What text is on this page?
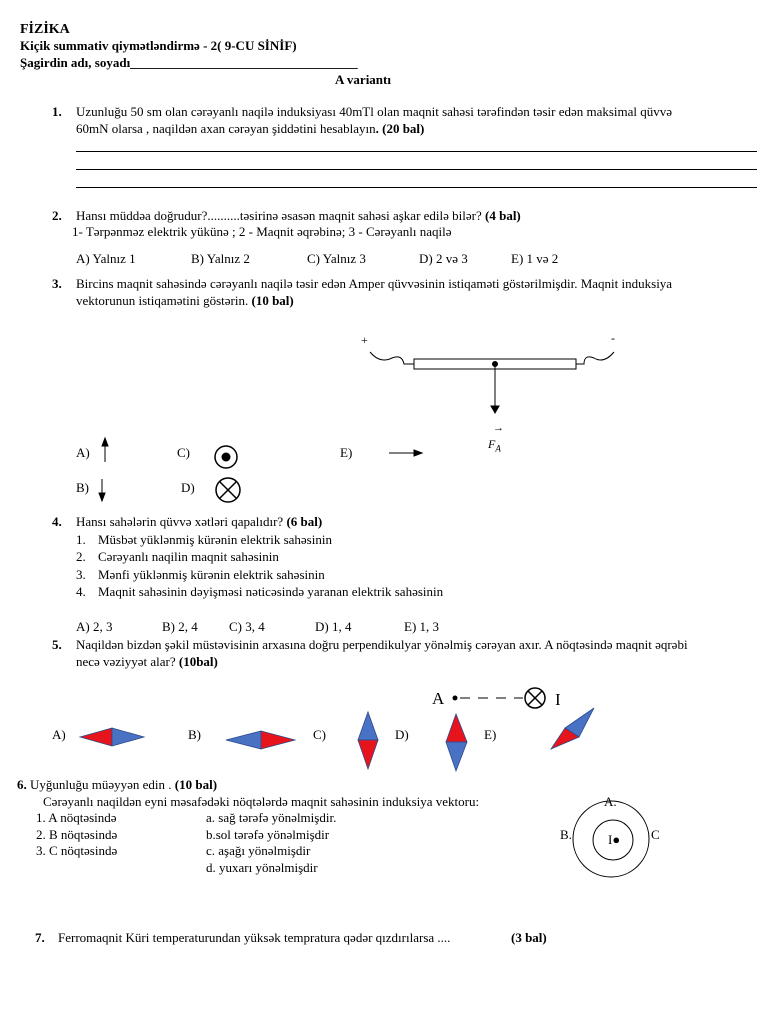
FİZİKA
Kiçik summativ qiymətləndirmə - 2( 9-CU SİNİF)
Şagirdin adı, soyadı___________________________________
A variantı
1. Uzunluğu 50 sm olan cərəyanlı naqilə induksiyası 40mTl olan maqnit sahəsi tərəfindən təsir edən maksimal qüvvə
60mN olarsa , naqildən axan cərəyan şiddətini hesablayın. (20 bal)
2. Hansı müddəa doğrudur?..........təsirinə əsasən maqnit sahəsi aşkar edilə bilər? (4 bal)
1- Tərpənməz elektrik yükünə ; 2 - Maqnit əqrəbinə; 3 - Cərəyanlı naqilə
A) Yalnız 1	B) Yalnız 2	C) Yalnız 3	D) 2 və 3	E) 1 və 2
3. Bircins maqnit sahəsində cərəyanlı naqilə təsir edən Amper qüvvəsinin istiqaməti göstərilmişdir. Maqnit induksiya
vektorunun istiqamətini göstərin. (10 bal)
+	-
→
$F_A$
A)	C)	E)
B)	D)
4. Hansı sahələrin qüvvə xətləri qapalıdır? (6 bal)
1. Müsbət yüklənmiş kürənin elektrik sahəsinin
2. Cərəyanlı naqilin maqnit sahəsinin
3. Mənfi yüklənmiş kürənin elektrik sahəsinin
4. Maqnit sahəsinin dəyişməsi nəticəsində yaranan elektrik sahəsinin
A) 2, 3	B) 2, 4 C) 3, 4	D) 1, 4	E) 1, 3
5. Naqildən bizdən şəkil müstəvisinin arxasına doğru perpendikulyar yönəlmiş cərəyan axır. A nöqtəsində maqnit əqrəbi
necə vəziyyət alar? (10bal)
A	I
A)	B)	C)	D)	E)
6. Uyğunluğu müəyyən edin . (10 bal)
Cərəyanlı naqildən eyni məsafədəki nöqtələrdə maqnit sahəsinin induksiya vektoru:
1. A nöqtəsində
2. B nöqtəsində
3. C nöqtəsində
a. sağ tərəfə yönəlmişdir.
b.sol tərəfə yönəlmişdir
c. aşağı yönəlmişdir
d. yuxarı yönəlmişdir
A.
B.	C
I●
7. Ferromaqnit Küri temperaturundan yüksək tempratura qədər qızdırılarsa ....	(3 bal)
